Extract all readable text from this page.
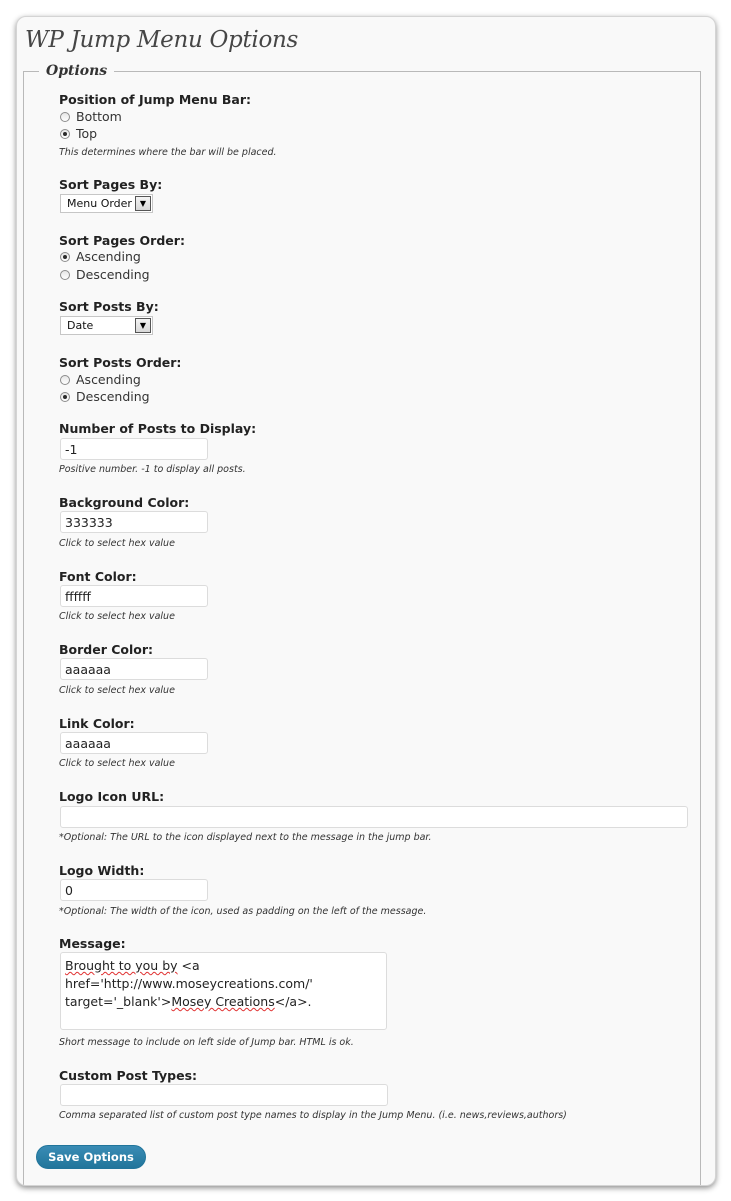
WP Jump Menu Options
Options
Position of Jump Menu Bar:
Bottom
Top
This determines where the bar will be placed.
Sort Pages By:
Menu Order ▼
Sort Pages Order:
Ascending
Descending
Sort Posts By:
Date	▼
Sort Posts Order:
Ascending
Descending
Number of Posts to Display:
-1
Positive number. -1 to display all posts.
Background Color:
333333
Click to select hex value
Font Color:
ffffff
Click to select hex value
Border Color:
aaaaaa
Click to select hex value
Link Color:
aaaaaa
Click to select hex value
Logo Icon URL:
*Optional: The URL to the icon displayed next to the message in the jump bar.
Logo Width:
0
*Optional: The width of the icon, used as padding on the left of the message.
Message:
Brought to you by <a
href='http://www.moseycreations.com/'
target='_blank'>Mosey Creations</a>.
Short message to include on left side of Jump bar. HTML is ok.
Custom Post Types:
Comma separated list of custom post type names to display in the Jump Menu. (i.e. news,reviews,authors)
Save Options
